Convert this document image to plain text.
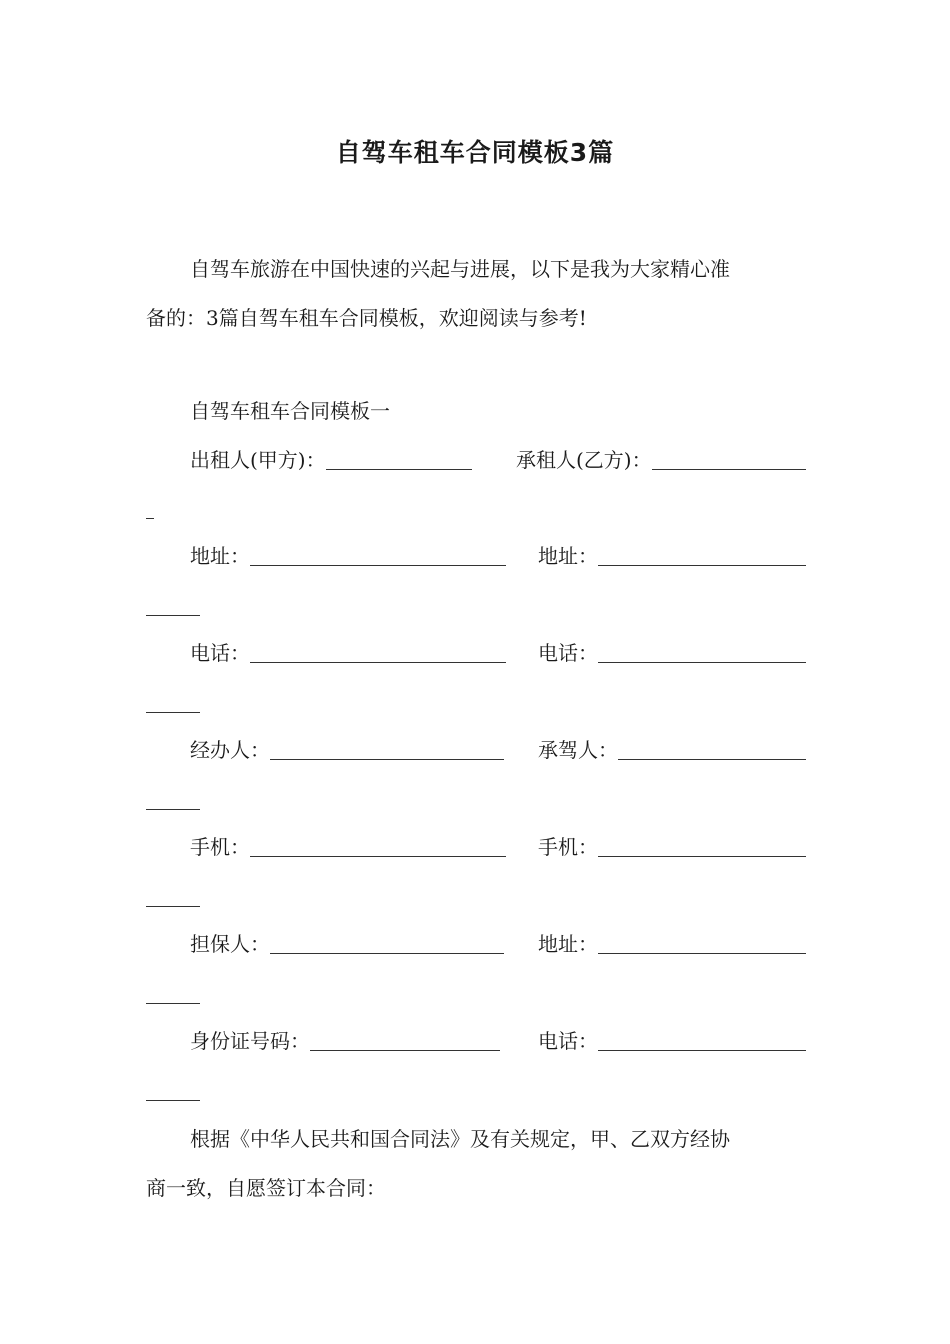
自驾车租车合同模板3篇
自驾车旅游在中国快速的兴起与进展，以下是我为大家精心准
备的：3篇自驾车租车合同模板，欢迎阅读与参考!
自驾车租车合同模板一
出租人(甲方)：	承租人(乙方)：
地址：	地址：
电话：	电话：
经办人：	承驾人：
手机：	手机：
担保人：	地址：
身份证号码：	电话：
根据《中华人民共和国合同法》及有关规定，甲、乙双方经协
商一致，自愿签订本合同：
